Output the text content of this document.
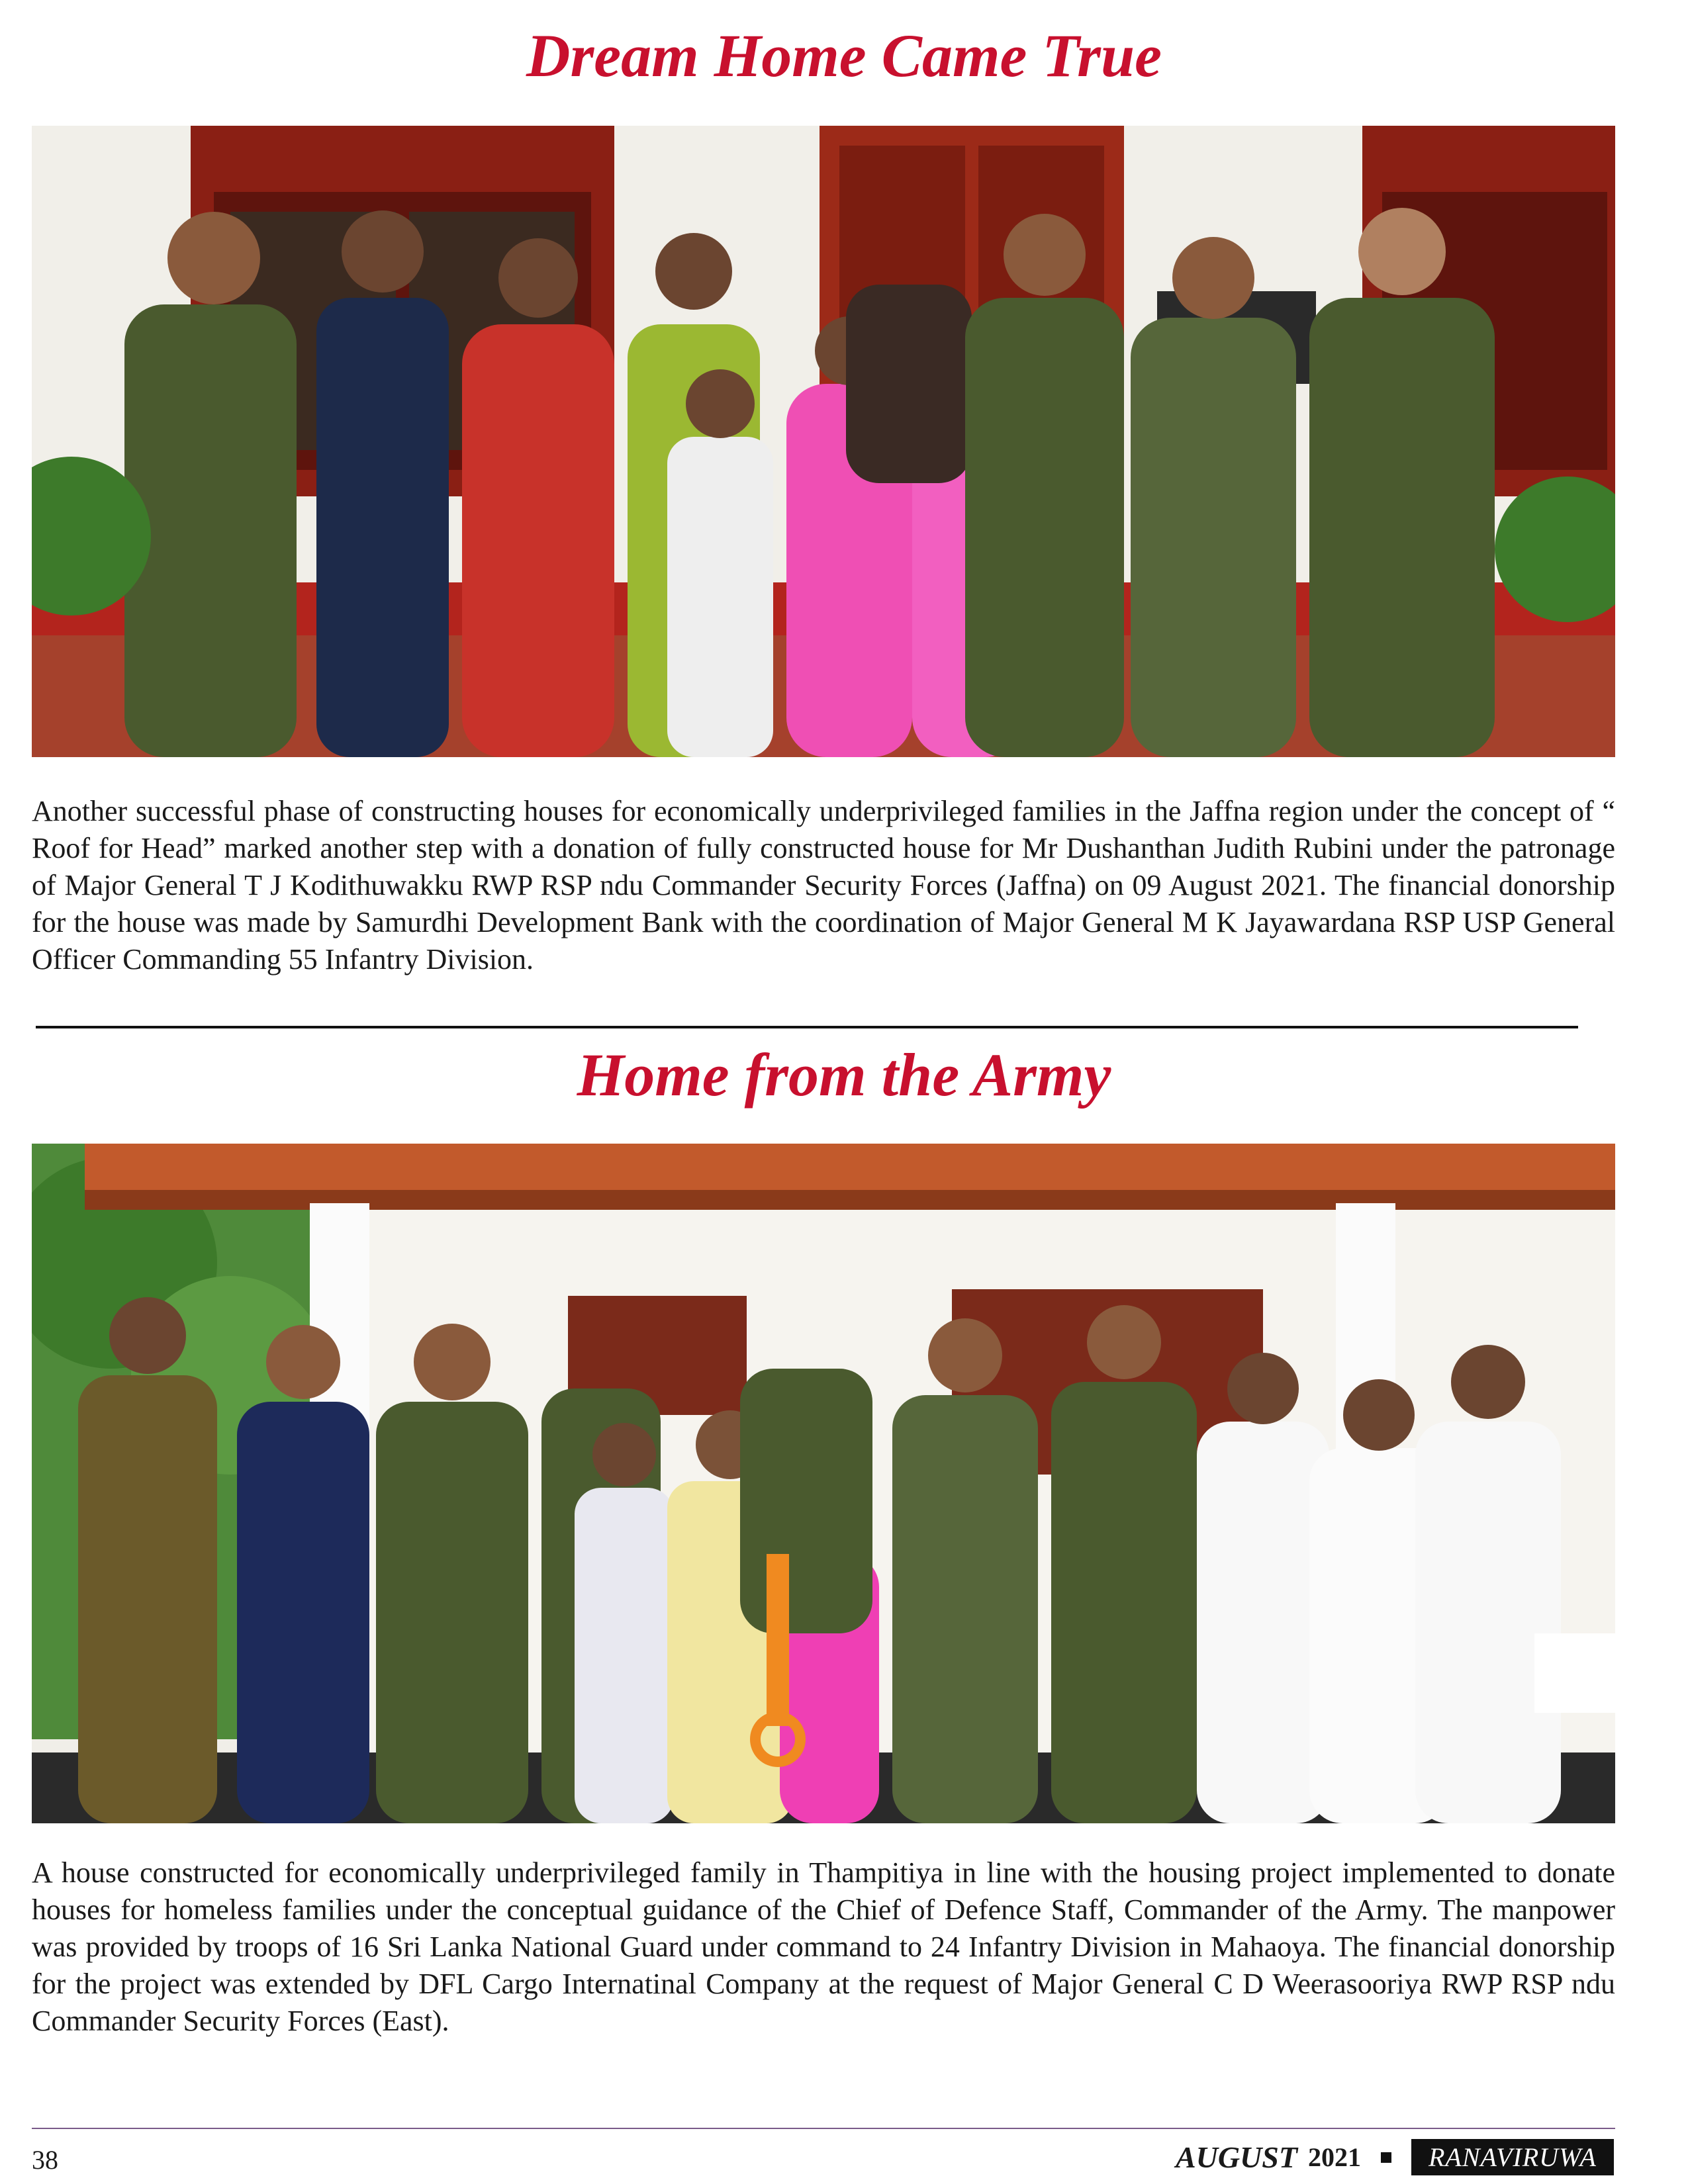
Dream Home Came True

Another successful phase of constructing houses for economically underprivileged families in the Jaffna region under the concept of “ Roof for Head” marked another step with a donation of fully constructed house for Mr Dushanthan Judith Rubini under the patronage of Major General T J Kodithuwakku RWP RSP ndu Commander Security Forces (Jaffna) on 09 August 2021. The financial donorship for the house was made by Samurdhi Development Bank with the coordination of Major General M K Jayawardana RSP USP General Officer Commanding 55 Infantry Division.

Home from the Army

A house constructed for economically underprivileged family in Thampitiya in line with the housing project implemented to donate houses for homeless families under the conceptual guidance of the Chief of Defence Staff, Commander of the Army. The manpower was provided by troops of 16 Sri Lanka National Guard under command to 24 Infantry Division in Mahaoya. The financial donorship for the project was extended by DFL Cargo Internatinal Company at the request of Major General C D Weerasooriya RWP RSP ndu Commander Security Forces (East).

38	AUGUST 2021	RANAVIRUWA
